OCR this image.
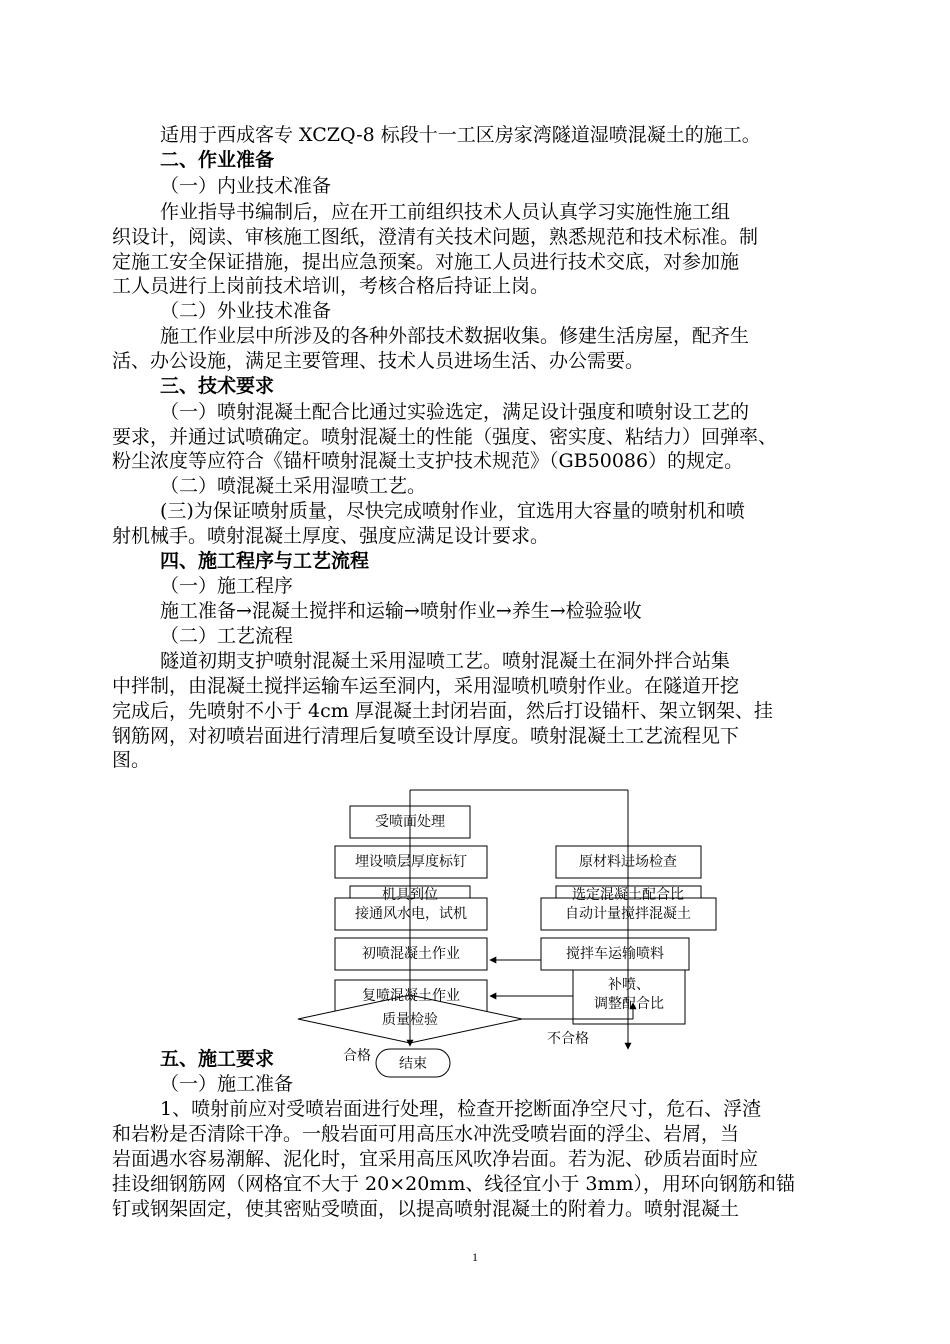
适用于西成客专 XCZQ-8 标段十一工区房家湾隧道湿喷混凝土的施工。
二、作业准备
（一）内业技术准备
作业指导书编制后，应在开工前组织技术人员认真学习实施性施工组
织设计，阅读、审核施工图纸，澄清有关技术问题，熟悉规范和技术标准。制
定施工安全保证措施，提出应急预案。对施工人员进行技术交底，对参加施
工人员进行上岗前技术培训，考核合格后持证上岗。
（二）外业技术准备
施工作业层中所涉及的各种外部技术数据收集。修建生活房屋，配齐生
活、办公设施，满足主要管理、技术人员进场生活、办公需要。
三、技术要求
（一）喷射混凝土配合比通过实验选定，满足设计强度和喷射设工艺的
要求，并通过试喷确定。喷射混凝土的性能（强度、密实度、粘结力）回弹率、
粉尘浓度等应符合《锚杆喷射混凝土支护技术规范》（GB50086）的规定。
（二）喷混凝土采用湿喷工艺。
(三)为保证喷射质量，尽快完成喷射作业，宜选用大容量的喷射机和喷
射机械手。喷射混凝土厚度、强度应满足设计要求。
四、施工程序与工艺流程
（一）施工程序
施工准备→混凝土搅拌和运输→喷射作业→养生→检验验收
（二）工艺流程
隧道初期支护喷射混凝土采用湿喷工艺。喷射混凝土在洞外拌合站集
中拌制，由混凝土搅拌运输车运至洞内，采用湿喷机喷射作业。在隧道开挖
完成后，先喷射不小于 4cm 厚混凝土封闭岩面，然后打设锚杆、架立钢架、挂
钢筋网，对初喷岩面进行清理后复喷至设计厚度。喷射混凝土工艺流程见下
图。
受喷面处理
埋设喷层厚度标钉
机具到位
接通风水电，试机
初喷混凝土作业
复喷混凝土作业
原材料进场检查
选定混凝土配合比
自动计量搅拌混凝土
搅拌车运输喷料
补喷、
调整配合比
质量检验
结束
合格
不合格
五、施工要求
（一）施工准备
1、喷射前应对受喷岩面进行处理，检查开挖断面净空尺寸，危石、浮渣
和岩粉是否清除干净。一般岩面可用高压水冲洗受喷岩面的浮尘、岩屑，当
岩面遇水容易潮解、泥化时，宜采用高压风吹净岩面。若为泥、砂质岩面时应
挂设细钢筋网（网格宜不大于 20×20mm、线径宜小于 3mm），用环向钢筋和锚
钉或钢架固定，使其密贴受喷面，以提高喷射混凝土的附着力。喷射混凝土
1
